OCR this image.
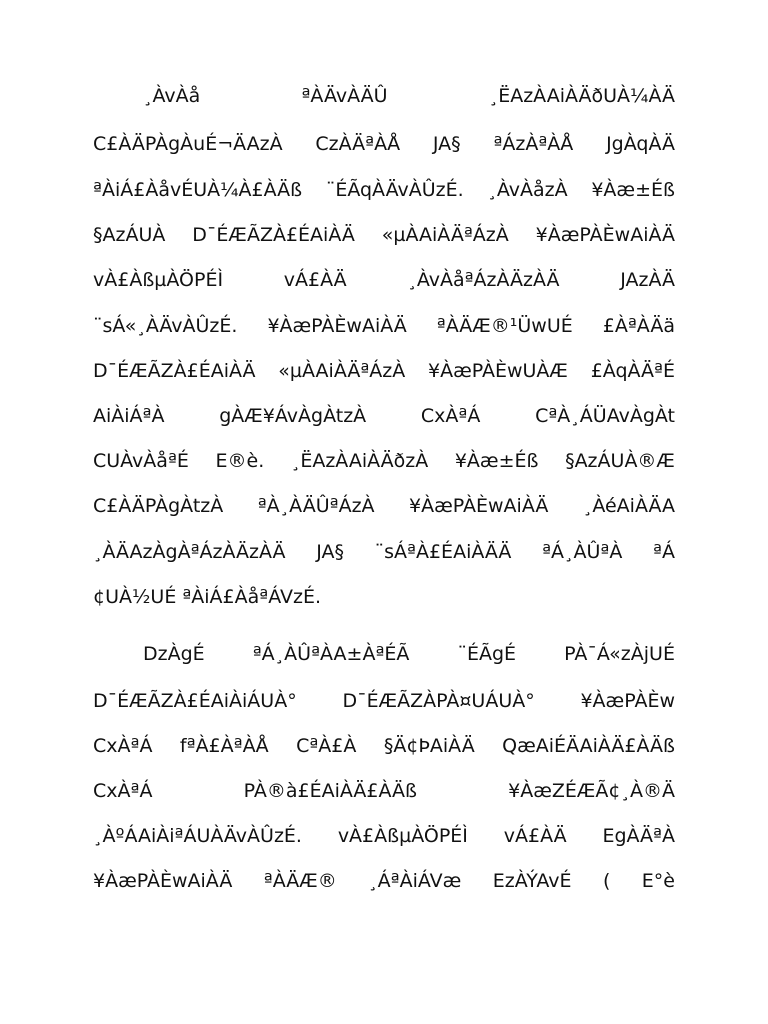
¸ÀvÀå	ªÀÄvÀÄÛ	¸ËAzÀAiÀÄðUÀ¼ÀÄ
C£ÀÄPÀgÀuÉ¬ÄAzÀ CzÀÄªÀÅ JA§ ªÁzÀªÀÅ JgÀqÀÄ
ªÀiÁ£ÀåvÉUÀ¼À£ÀÄß ¨ÉÃqÀÄvÀÛzÉ. ¸ÀvÀåzÀ ¥Àæ±Éß
§AzÁUÀ D¯ÉÆÃZÀ£ÉAiÀÄ «µÀAiÀÄªÁzÀ ¥ÀæPÀÈwAiÀÄ
vÀ£ÀßµÀÖPÉÌ	vÁ£ÀÄ	¸ÀvÀåªÁzÀÄzÀÄ	JAzÀÄ
¨sÁ«¸ÀÄvÀÛzÉ. ¥ÀæPÀÈwAiÀÄ ªÀÄÆ®¹ÜwUÉ £ÀªÀÄä
D¯ÉÆÃZÀ£ÉAiÀÄ «µÀAiÀÄªÁzÀ ¥ÀæPÀÈwUÀÆ £ÀqÀÄªÉ
AiÀiÁªÀ	gÀÆ¥ÁvÀgÀtzÀ	CxÀªÁ	CªÀ¸ÁÜAvÀgÀt
CUÀvÀåªÉ E®è. ¸ËAzÀAiÀÄðzÀ ¥Àæ±Éß §AzÁUÀ®Æ
C£ÀÄPÀgÀtzÀ ªÀ¸ÀÄÛªÁzÀ ¥ÀæPÀÈwAiÀÄ ¸ÀéAiÀÄA
¸ÀÄAzÀgÀªÁzÀÄzÀÄ JA§ ¨sÁªÀ£ÉAiÀÄÄ ªÁ¸ÀÛªÀ ªÁ
¢UÀ½UÉ ªÀiÁ£ÀåªÁVzÉ.
DzÀgÉ	ªÁ¸ÀÛªÀA±ÀªÉÃ	¨ÉÃgÉ	PÀ¯Á«zÀjUÉ
D¯ÉÆÃZÀ£ÉAiÀiÁUÀ° D¯ÉÆÃZÀPÀ¤UÁUÀ° ¥ÀæPÀÈw
CxÀªÁ fªÀ£ÀªÀÅ CªÀ£À §Ä¢ÞAiÀÄ QæAiÉÄAiÀÄ£ÀÄß
CxÀªÁ	PÀ®à£ÉAiÀÄ£ÀÄß	¥ÀæZÉÆÃ¢¸À®Ä
¸ÀºÁAiÀiªÁUÀÄvÀÛzÉ. vÀ£ÀßµÀÖPÉÌ vÁ£ÀÄ EgÀÄªÀ
¥ÀæPÀÈwAiÀÄ ªÀÄÆ® ¸ÁªÀiÁVæ EzÀÝAvÉ ( E°è
